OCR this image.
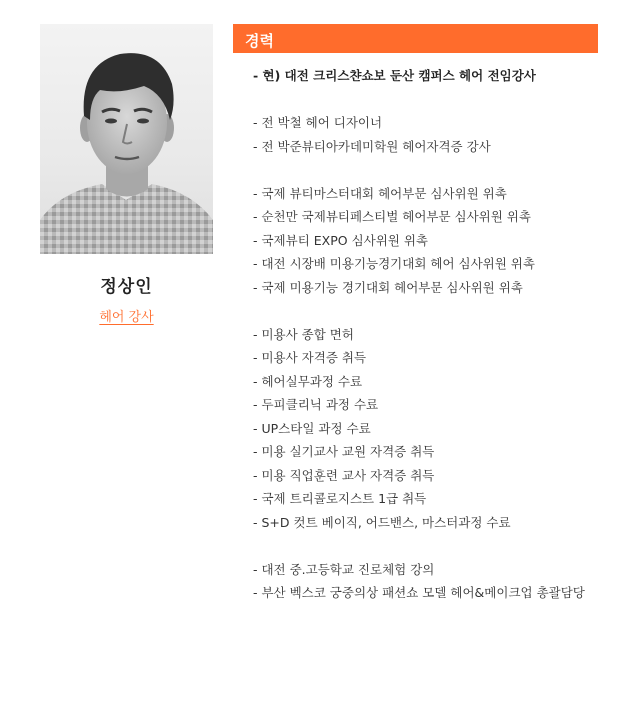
정상인
헤어 강사
경력
- 현) 대전 크리스챤쇼보 둔산 캠퍼스 헤어 전임강사
- 전 박철 헤어 디자이너
- 전 박준뷰티아카데미학원 헤어자격증 강사
- 국제 뷰티마스터대회 헤어부문 심사위원 위촉
- 순천만 국제뷰티페스티벌 헤어부문 심사위원 위촉
- 국제뷰티 EXPO 심사위원 위촉
- 대전 시장배 미용기능경기대회 헤어 심사위원 위촉
- 국제 미용기능 경기대회 헤어부문 심사위원 위촉
- 미용사 종합 면허
- 미용사 자격증 취득
- 헤어실무과정 수료
- 두피클리닉 과정 수료
- UP스타일 과정 수료
- 미용 실기교사 교원 자격증 취득
- 미용 직업훈련 교사 자격증 취득
- 국제 트리콜로지스트 1급 취득
- S+D 컷트 베이직, 어드밴스, 마스터과정 수료
- 대전 중.고등학교 진로체험 강의
- 부산 벡스코 궁중의상 패션쇼 모델 헤어&메이크업 총괄담당
